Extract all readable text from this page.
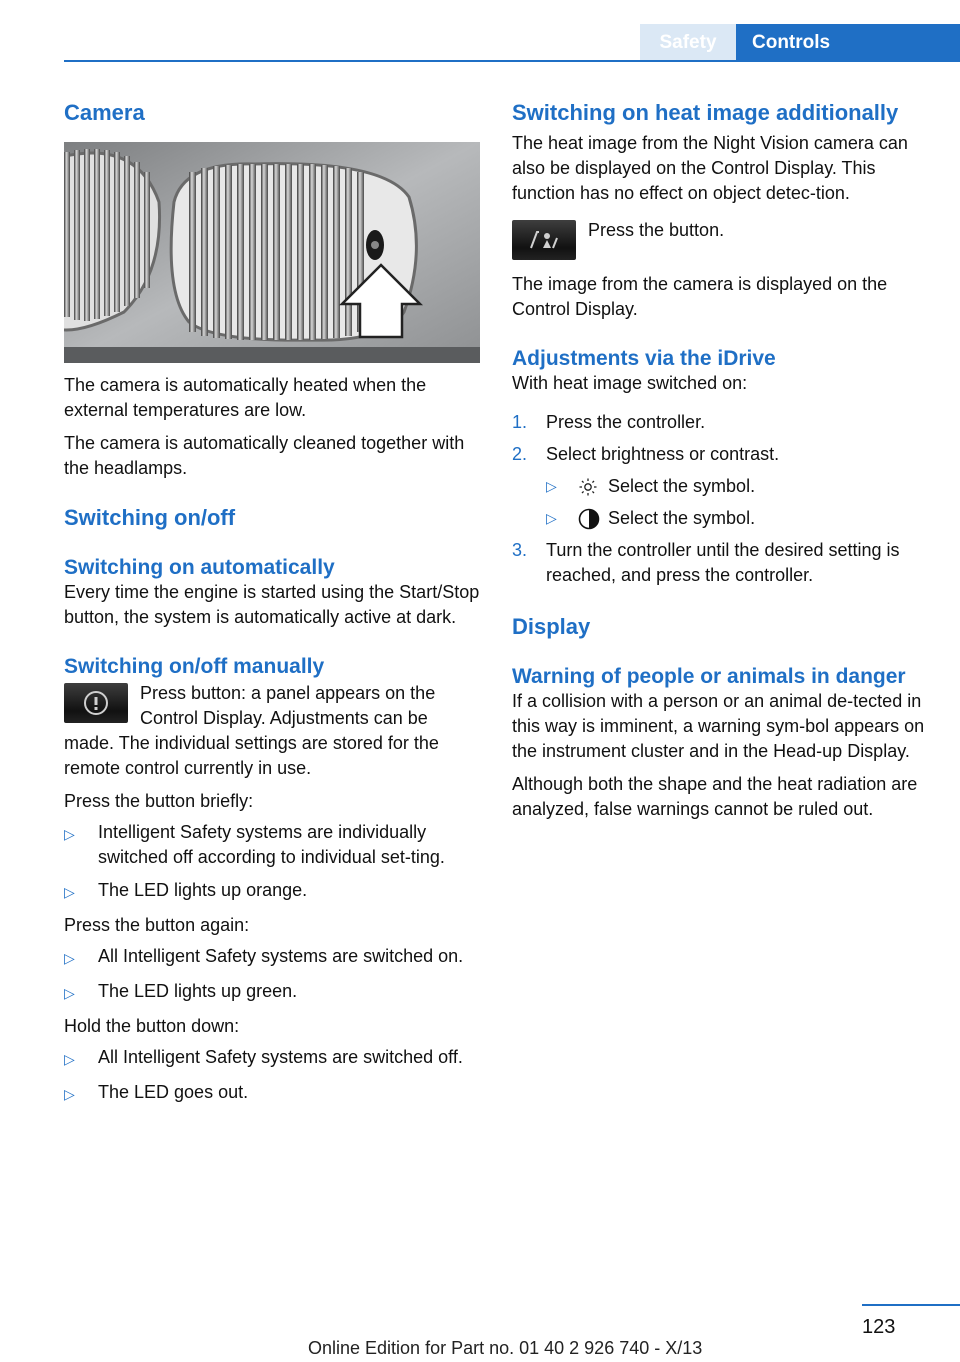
Safety	Controls
Camera

The camera is automatically heated when the external temperatures are low.

The camera is automatically cleaned together with the headlamps.

Switching on/off
Switching on automatically

Every time the engine is started using the Start/Stop button, the system is automatically active at dark.

Switching on/off manually

Press button: a panel appears on the Control Display. Adjustments can be made. The individual settings are stored for the remote control currently in use.

Press the button briefly:

▷	Intelligent Safety systems are individually switched off according to individual set-ting.
▷	The LED lights up orange.

Press the button again:

▷	All Intelligent Safety systems are switched on.
▷	The LED lights up green.

Hold the button down:

▷	All Intelligent Safety systems are switched off.
▷	The LED goes out.
Switching on heat image additionally

The heat image from the Night Vision camera can also be displayed on the Control Display. This function has no effect on object detec-tion.

Press the button.

The image from the camera is displayed on the Control Display.

Adjustments via the iDrive

With heat image switched on:

1.	Press the controller.
2.	Select brightness or contrast.
▷	Select the symbol.
▷	Select the symbol.
3.	Turn the controller until the desired setting is reached, and press the controller.
Display
Warning of people or animals in danger

If a collision with a person or an animal de-tected in this way is imminent, a warning sym-bol appears on the instrument cluster and in the Head-up Display.

Although both the shape and the heat radiation are analyzed, false warnings cannot be ruled out.

123
Online Edition for Part no. 01 40 2 926 740 - X/13
